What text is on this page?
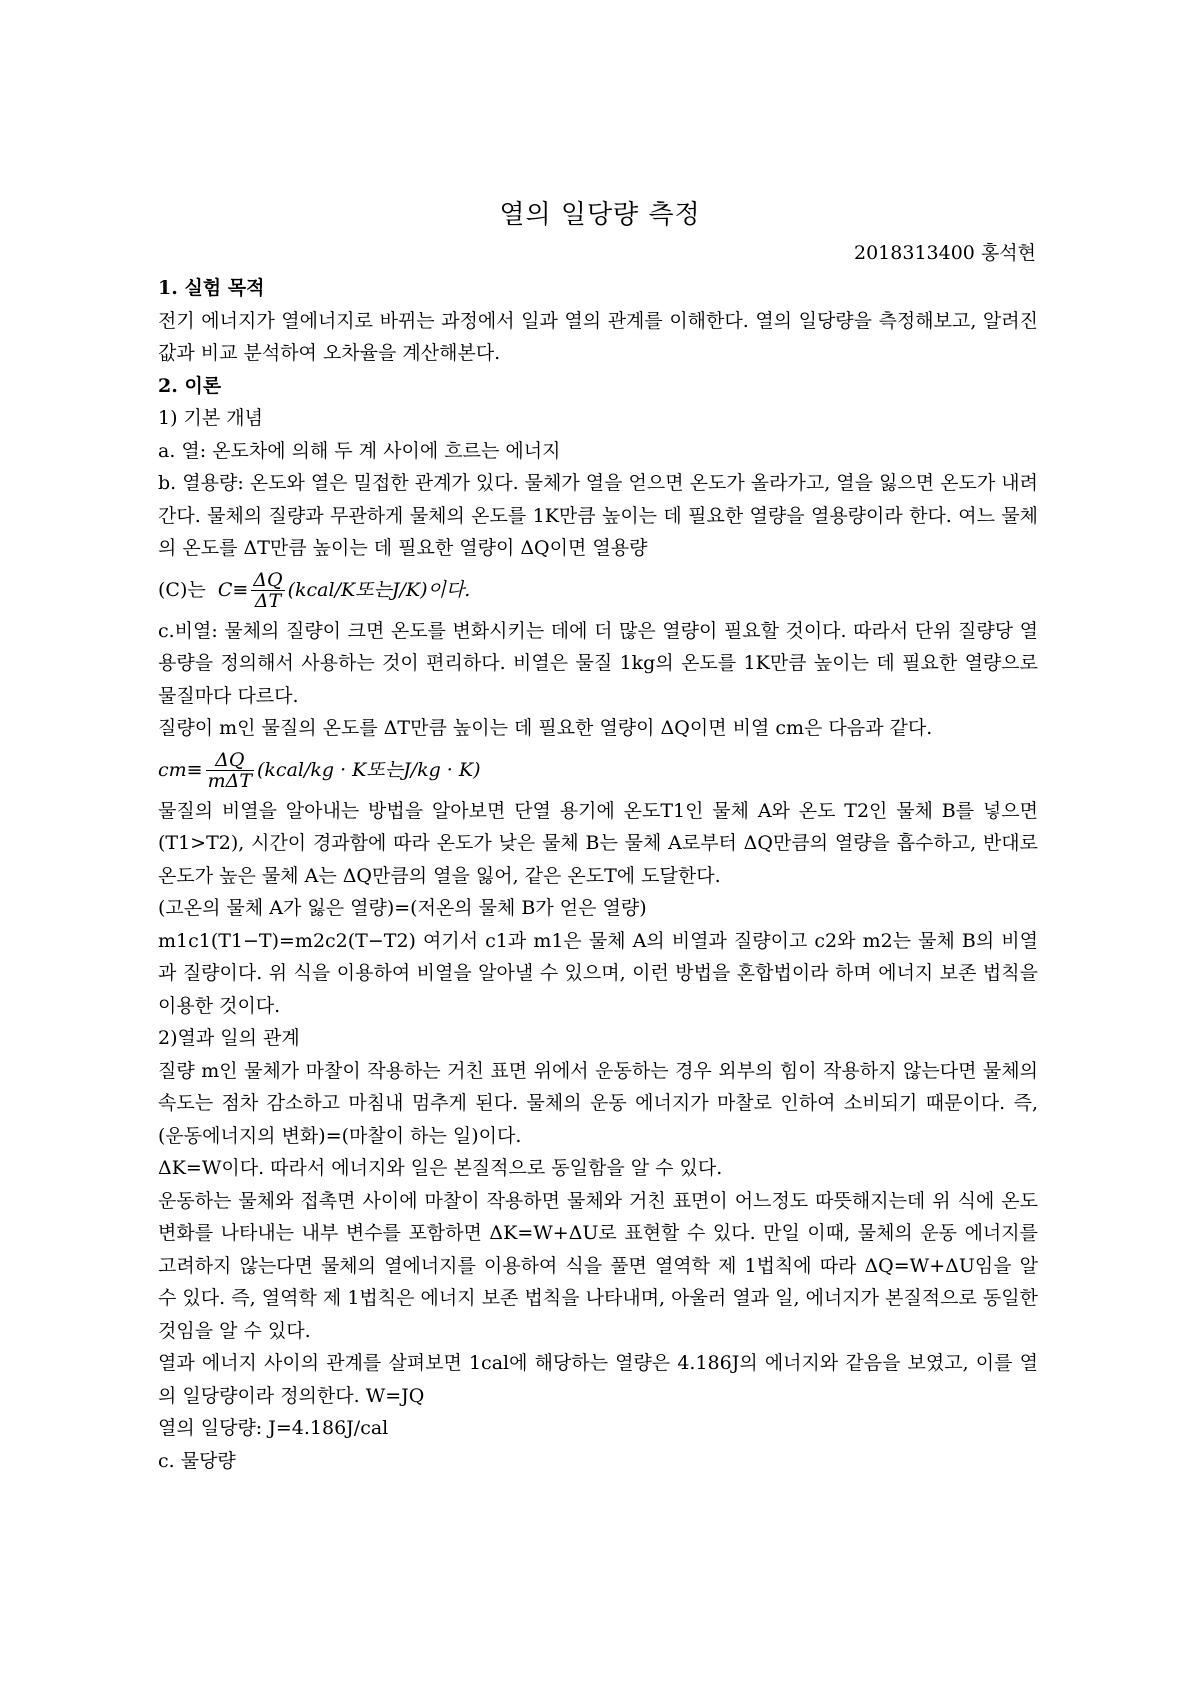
열의 일당량 측정
2018313400 홍석현

1. 실험 목적

전기 에너지가 열에너지로 바뀌는 과정에서 일과 열의 관계를 이해한다. 열의 일당량을 측정해보고, 알려진 값과 비교 분석하여 오차율을 계산해본다.

2. 이론

1) 기본 개념

a. 열: 온도차에 의해 두 계 사이에 흐르는 에너지

b. 열용량: 온도와 열은 밀접한 관계가 있다. 물체가 열을 얻으면 온도가 올라가고, 열을 잃으면 온도가 내려간다. 물체의 질량과 무관하게 물체의 온도를 1K만큼 높이는 데 필요한 열량을 열용량이라 한다. 여느 물체의 온도를 ΔT만큼 높이는 데 필요한 열량이 ΔQ이면 열용량

(C)는 $C\equiv \frac{\Delta Q}{\Delta T}$ (kcal/K또는J/K)이다.

c.비열: 물체의 질량이 크면 온도를 변화시키는 데에 더 많은 열량이 필요할 것이다. 따라서 단위 질량당 열용량을 정의해서 사용하는 것이 편리하다. 비열은 물질 1kg의 온도를 1K만큼 높이는 데 필요한 열량으로 물질마다 다르다.

질량이 m인 물질의 온도를 ΔT만큼 높이는 데 필요한 열량이 ΔQ이면 비열 cm은 다음과 같다.

$cm\equiv \frac{\Delta Q}{\text{mΔT}}$ (kcal/kg · K또는J/kg · K)

물질의 비열을 알아내는 방법을 알아보면 단열 용기에 온도T1인 물체 A와 온도 T2인 물체 B를 넣으면(T1>T2), 시간이 경과함에 따라 온도가 낮은 물체 B는 물체 A로부터 ΔQ만큼의 열량을 흡수하고, 반대로 온도가 높은 물체 A는 ΔQ만큼의 열을 잃어, 같은 온도T에 도달한다.

(고온의 물체 A가 잃은 열량)=(저온의 물체 B가 얻은 열량)

m1c1(T1−T)=m2c2(T−T2) 여기서 c1과 m1은 물체 A의 비열과 질량이고 c2와 m2는 물체 B의 비열과 질량이다. 위 식을 이용하여 비열을 알아낼 수 있으며, 이런 방법을 혼합법이라 하며 에너지 보존 법칙을 이용한 것이다.

2)열과 일의 관계

질량 m인 물체가 마찰이 작용하는 거친 표면 위에서 운동하는 경우 외부의 힘이 작용하지 않는다면 물체의 속도는 점차 감소하고 마침내 멈추게 된다. 물체의 운동 에너지가 마찰로 인하여 소비되기 때문이다. 즉, (운동에너지의 변화)=(마찰이 하는 일)이다.

ΔK=W이다. 따라서 에너지와 일은 본질적으로 동일함을 알 수 있다.

운동하는 물체와 접촉면 사이에 마찰이 작용하면 물체와 거친 표면이 어느정도 따뜻해지는데 위 식에 온도변화를 나타내는 내부 변수를 포함하면 ΔK=W+ΔU로 표현할 수 있다. 만일 이때, 물체의 운동 에너지를 고려하지 않는다면 물체의 열에너지를 이용하여 식을 풀면 열역학 제 1법칙에 따라 ΔQ=W+ΔU임을 알 수 있다. 즉, 열역학 제 1법칙은 에너지 보존 법칙을 나타내며, 아울러 열과 일, 에너지가 본질적으로 동일한 것임을 알 수 있다.

열과 에너지 사이의 관계를 살펴보면 1cal에 해당하는 열량은 4.186J의 에너지와 같음을 보였고, 이를 열의 일당량이라 정의한다. W=JQ

열의 일당량: J=4.186J/cal

c. 물당량
